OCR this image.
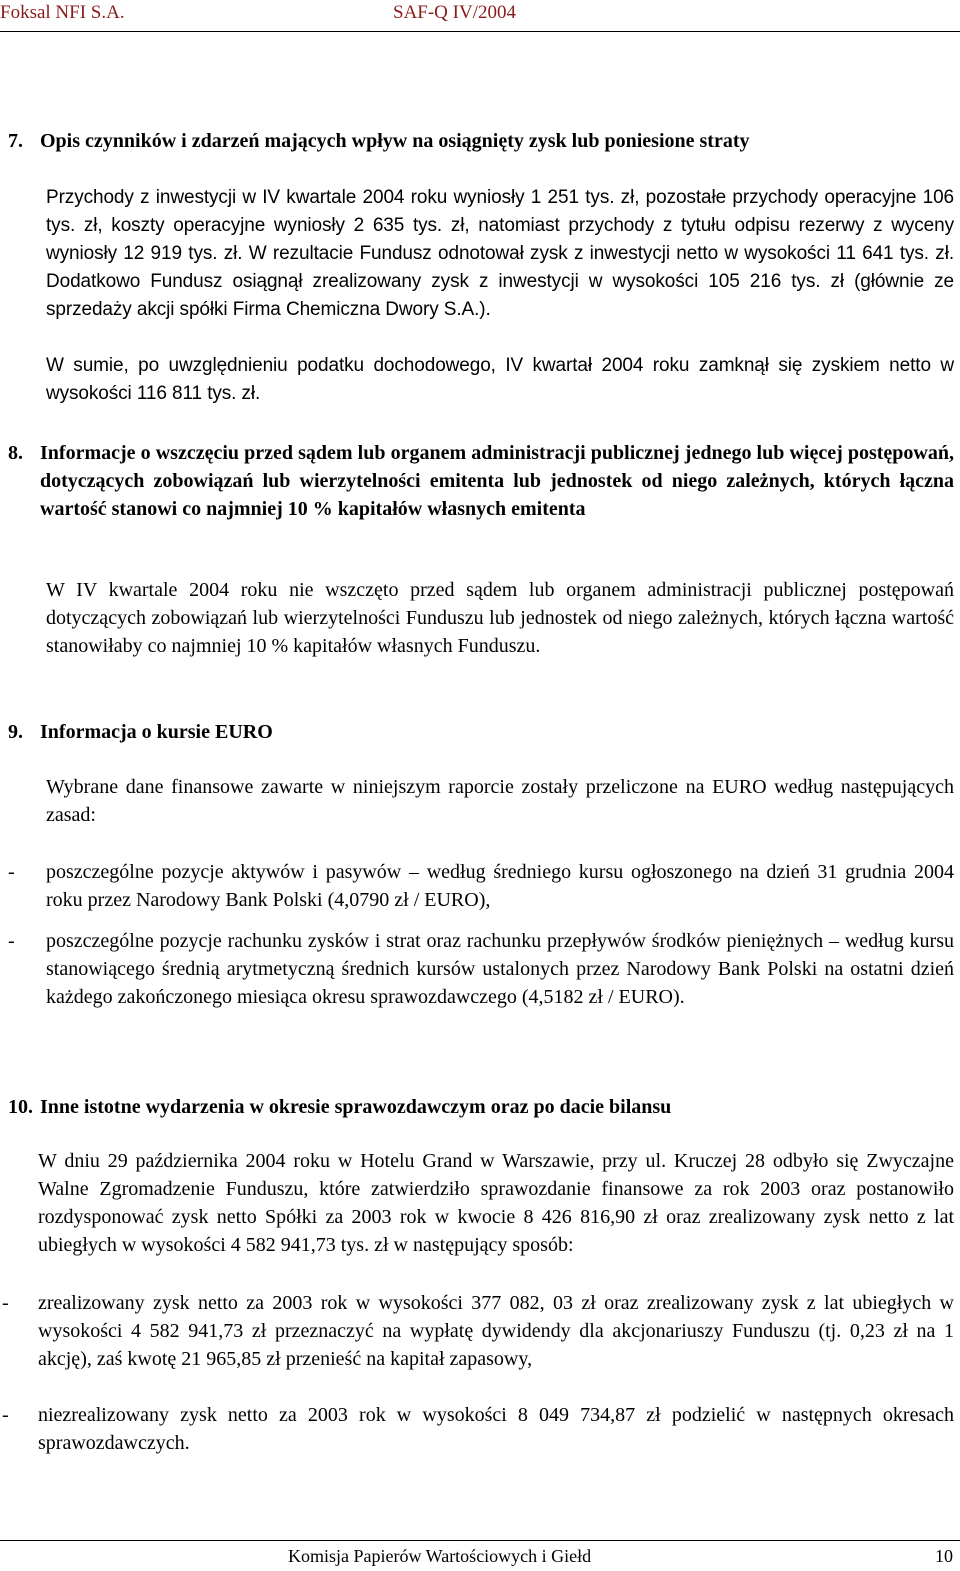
Foksal NFI S.A.	SAF-Q IV/2004
7. Opis czynników i zdarzeń mających wpływ na osiągnięty zysk lub poniesione straty

Przychody z inwestycji w IV kwartale 2004 roku wyniosły 1 251 tys. zł, pozostałe przychody operacyjne 106 tys. zł, koszty operacyjne wyniosły 2 635 tys. zł, natomiast przychody z tytułu odpisu rezerwy z wyceny wyniosły 12 919 tys. zł. W rezultacie Fundusz odnotował zysk z inwestycji netto w wysokości 11 641 tys. zł. Dodatkowo Fundusz osiągnął zrealizowany zysk z inwestycji w wysokości 105 216 tys. zł (głównie ze sprzedaży akcji spółki Firma Chemiczna Dwory S.A.).

W sumie, po uwzględnieniu podatku dochodowego, IV kwartał 2004 roku zamknął się zyskiem netto w wysokości 116 811 tys. zł.

8. Informacje o wszczęciu przed sądem lub organem administracji publicznej jednego lub więcej postępowań, dotyczących zobowiązań lub wierzytelności emitenta lub jednostek od niego zależnych, których łączna wartość stanowi co najmniej 10 % kapitałów własnych emitenta

W IV kwartale 2004 roku nie wszczęto przed sądem lub organem administracji publicznej postępowań dotyczących zobowiązań lub wierzytelności Funduszu lub jednostek od niego zależnych, których łączna wartość stanowiłaby co najmniej 10 % kapitałów własnych Funduszu.

9. Informacja o kursie EURO

Wybrane dane finansowe zawarte w niniejszym raporcie zostały przeliczone na EURO według następujących zasad:

- poszczególne pozycje aktywów i pasywów – według średniego kursu ogłoszonego na dzień 31 grudnia 2004 roku przez Narodowy Bank Polski (4,0790 zł / EURO),

- poszczególne pozycje rachunku zysków i strat oraz rachunku przepływów środków pieniężnych – według kursu stanowiącego średnią arytmetyczną średnich kursów ustalonych przez Narodowy Bank Polski na ostatni dzień każdego zakończonego miesiąca okresu sprawozdawczego (4,5182 zł / EURO).

10. Inne istotne wydarzenia w okresie sprawozdawczym oraz po dacie bilansu

W dniu 29 października 2004 roku w Hotelu Grand w Warszawie, przy ul. Kruczej 28 odbyło się Zwyczajne Walne Zgromadzenie Funduszu, które zatwierdziło sprawozdanie finansowe za rok 2003 oraz postanowiło rozdysponować zysk netto Spółki za 2003 rok w kwocie 8 426 816,90 zł oraz zrealizowany zysk netto z lat ubiegłych w wysokości 4 582 941,73 tys. zł w następujący sposób:

- zrealizowany zysk netto za 2003 rok w wysokości 377 082, 03 zł oraz zrealizowany zysk z lat ubiegłych w wysokości 4 582 941,73 zł przeznaczyć na wypłatę dywidendy dla akcjonariuszy Funduszu (tj. 0,23 zł na 1 akcję), zaś kwotę 21 965,85 zł przenieść na kapitał zapasowy,

- niezrealizowany zysk netto za 2003 rok w wysokości 8 049 734,87 zł podzielić w następnych okresach sprawozdawczych.

Komisja Papierów Wartościowych i Giełd	10
